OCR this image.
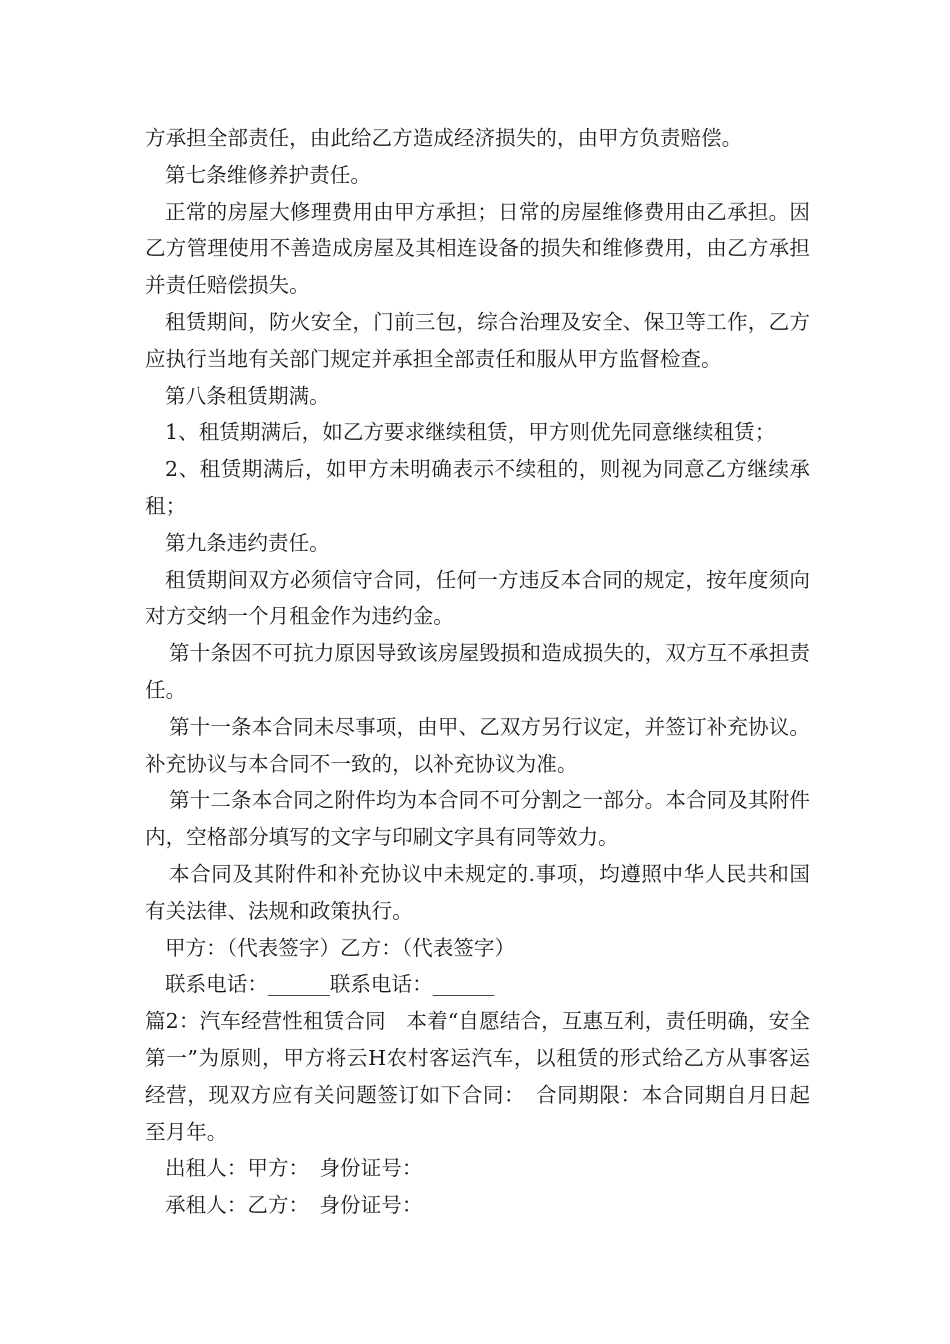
方承担全部责任，由此给乙方造成经济损失的，由甲方负责赔偿。

第七条维修养护责任。

正常的房屋大修理费用由甲方承担；日常的房屋维修费用由乙承担。因乙方管理使用不善造成房屋及其相连设备的损失和维修费用，由乙方承担并责任赔偿损失。

租赁期间，防火安全，门前三包，综合治理及安全、保卫等工作，乙方应执行当地有关部门规定并承担全部责任和服从甲方监督检查。

第八条租赁期满。

1、租赁期满后，如乙方要求继续租赁，甲方则优先同意继续租赁；

2、租赁期满后，如甲方未明确表示不续租的，则视为同意乙方继续承租；

第九条违约责任。

租赁期间双方必须信守合同，任何一方违反本合同的规定，按年度须向对方交纳一个月租金作为违约金。

第十条因不可抗力原因导致该房屋毁损和造成损失的，双方互不承担责任。

第十一条本合同未尽事项，由甲、乙双方另行议定，并签订补充协议。补充协议与本合同不一致的，以补充协议为准。

第十二条本合同之附件均为本合同不可分割之一部分。本合同及其附件内，空格部分填写的文字与印刷文字具有同等效力。

本合同及其附件和补充协议中未规定的.事项，均遵照中华人民共和国有关法律、法规和政策执行。

甲方：（代表签字）乙方：（代表签字）

联系电话：______联系电话：______

篇2：汽车经营性租赁合同　本着“自愿结合，互惠互利，责任明确，安全第一”为原则，甲方将云H农村客运汽车，以租赁的形式给乙方从事客运经营，现双方应有关问题签订如下合同：　合同期限：本合同期自月日起至月年。

出租人：甲方：　身份证号：

承租人：乙方：　身份证号：
